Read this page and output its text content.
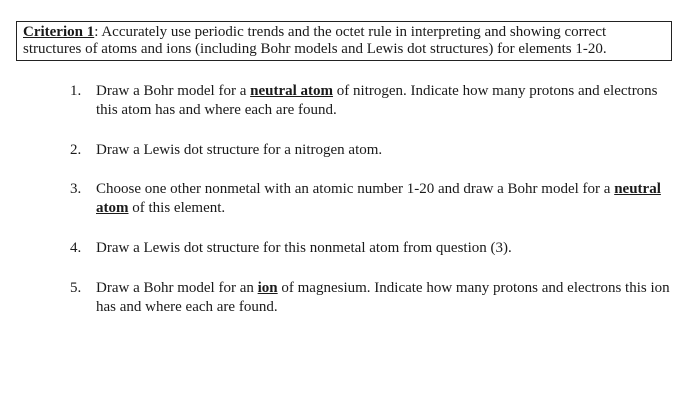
Criterion 1: Accurately use periodic trends and the octet rule in interpreting and showing correct
structures of atoms and ions (including Bohr models and Lewis dot structures) for elements 1-20.
1. Draw a Bohr model for a neutral atom of nitrogen. Indicate how many protons and electrons this atom has and where each are found.
2. Draw a Lewis dot structure for a nitrogen atom.
3. Choose one other nonmetal with an atomic number 1-20 and draw a Bohr model for a neutral atom of this element.
4. Draw a Lewis dot structure for this nonmetal atom from question (3).
5. Draw a Bohr model for an ion of magnesium. Indicate how many protons and electrons this ion has and where each are found.
